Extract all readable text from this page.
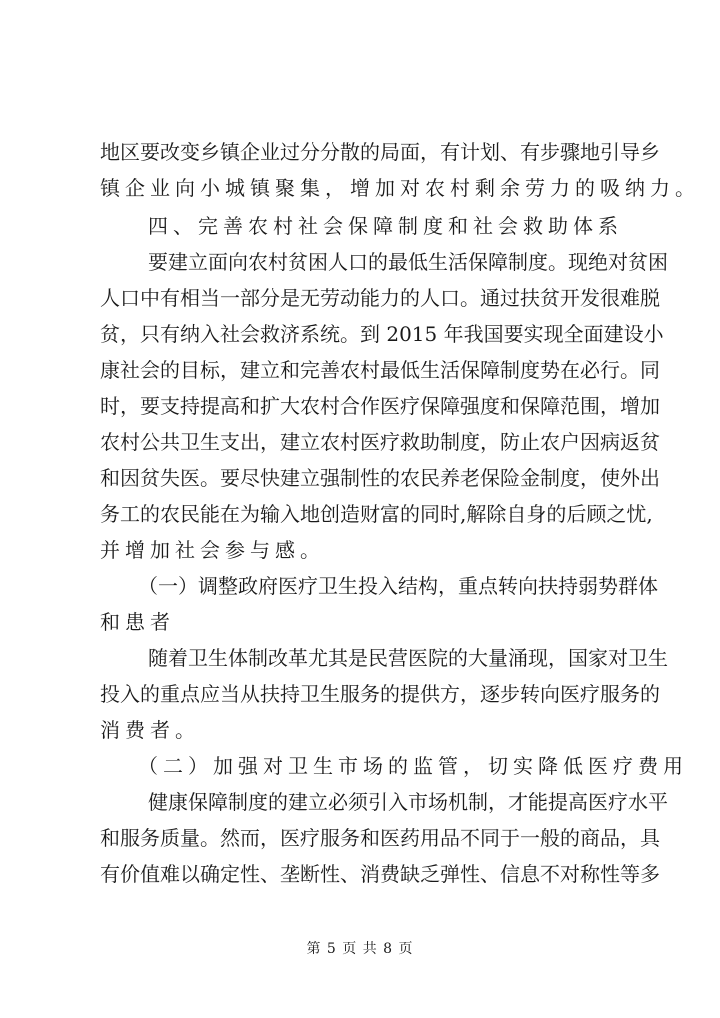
地区要改变乡镇企业过分分散的局面，有计划、有步骤地引导乡
镇企业向小城镇聚集，增加对农村剩余劳力的吸纳力。
四、完善农村社会保障制度和社会救助体系
要建立面向农村贫困人口的最低生活保障制度。现绝对贫困
人口中有相当一部分是无劳动能力的人口。通过扶贫开发很难脱
贫，只有纳入社会救济系统。到 2015 年我国要实现全面建设小
康社会的目标，建立和完善农村最低生活保障制度势在必行。同
时，要支持提高和扩大农村合作医疗保障强度和保障范围，增加
农村公共卫生支出，建立农村医疗救助制度，防止农户因病返贫
和因贫失医。要尽快建立强制性的农民养老保险金制度，使外出
务工的农民能在为输入地创造财富的同时,解除自身的后顾之忧,
并增加社会参与感。
（一）调整政府医疗卫生投入结构，重点转向扶持弱势群体
和患者
随着卫生体制改革尤其是民营医院的大量涌现，国家对卫生
投入的重点应当从扶持卫生服务的提供方，逐步转向医疗服务的
消费者。
（二）加强对卫生市场的监管，切实降低医疗费用
健康保障制度的建立必须引入市场机制，才能提高医疗水平
和服务质量。然而，医疗服务和医药用品不同于一般的商品，具
有价值难以确定性、垄断性、消费缺乏弹性、信息不对称性等多
第 5 页 共 8 页
